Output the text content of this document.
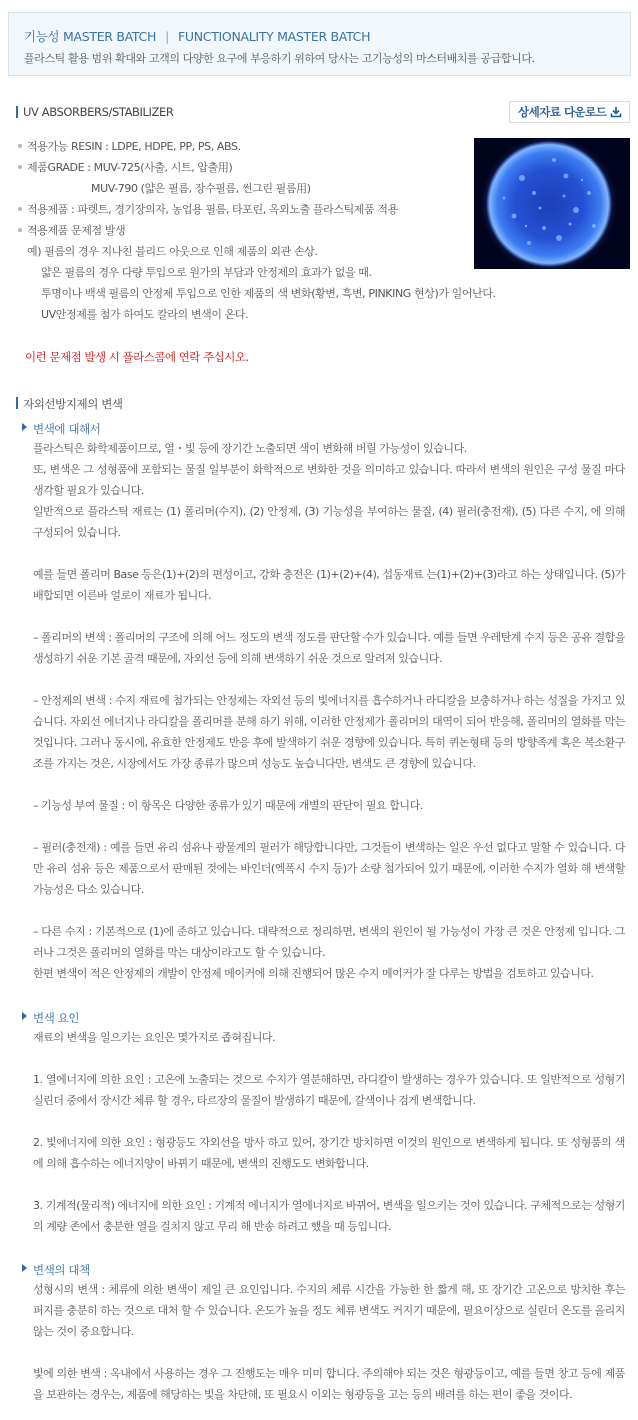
기능성 MASTER BATCH | FUNCTIONALITY MASTER BATCH
플라스틱 활용 범위 확대와 고객의 다양한 요구에 부응하기 위하여 당사는 고기능성의 마스터배치를 공급합니다.
UV ABSORBERS/STABILIZER	상세자료 다운로드
적용가능 RESIN : LDPE, HDPE, PP, PS, ABS.
제품GRADE : MUV-725(사출, 시트, 압출用)
MUV-790 (얇은 필름, 장수필름, 썬그린 필름用)
적용제품 : 파렛트, 경기장의자, 농업용 필름, 타포린, 옥외노출 플라스틱제품 적용
적용제품 문제점 발생
예) 필름의 경우 지나친 블리드 아웃으로 인해 제품의 외관 손상.
얇은 필름의 경우 다량 투입으로 원가의 부담과 안정제의 효과가 없을 때.
투명이나 백색 필름의 안정제 투입으로 인한 제품의 색 변화(황변, 흑변, PINKING 현상)가 일어난다.
UV안정제를 첨가 하여도 칼라의 변색이 온다.
이런 문제점 발생 시 플라스콤에 연락 주십시오.
자외선방지제의 변색
변색에 대해서
플라스틱은 화학제품이므로, 열・빛 등에 장기간 노출되면 색이 변화해 버릴 가능성이 있습니다.
또, 변색은 그 성형품에 포함되는 물질 일부분이 화학적으로 변화한 것을 의미하고 있습니다. 따라서 변색의 원인은 구성 물질 마다 생각할 필요가 있습니다.
일반적으로 플라스틱 재료는 (1) 폴리머(수지), (2) 안정제, (3) 기능성을 부여하는 물질, (4) 필러(충전재), (5) 다른 수지, 에 의해 구성되어 있습니다.
예를 들면 폴리머 Base 등은(1)+(2)의 편성이고, 강화 충전은 (1)+(2)+(4), 섭동재료 는(1)+(2)+(3)라고 하는 상태입니다. (5)가 배합되면 이른바 얼로이 재료가 됩니다.
– 폴리머의 변색 : 폴리머의 구조에 의해 어느 정도의 변색 정도를 판단할 수가 있습니다. 예를 들면 우레탄계 수지 등은 공유 결합을 생성하기 쉬운 기본 골격 때문에, 자외선 등에 의해 변색하기 쉬운 것으로 알려져 있습니다.
– 안정제의 변색 : 수지 재료에 첨가되는 안정제는 자외선 등의 빛에너지를 흡수하거나 라디칼을 보충하거나 하는 성질을 가지고 있습니다. 자외선 에너지나 라디칼을 폴리머를 분해 하기 위해, 이러한 안정제가 폴리머의 대역이 되어 반응해, 폴리머의 열화를 막는 것입니다. 그러나 동시에, 유효한 안정제도 반응 후에 발색하기 쉬운 경향에 있습니다. 특히 퀴논형태 등의 방향족계 혹은 복소환구조를 가지는 것은, 시장에서도 가장 종류가 많으며 성능도 높습니다만, 변색도 큰 경향에 있습니다.
– 기능성 부여 물질 : 이 항목은 다양한 종류가 있기 때문에 개별의 판단이 필요 합니다.
– 필러(충전재) : 예를 들면 유리 섬유나 광물계의 필러가 해당합니다만, 그것들이 변색하는 일은 우선 없다고 말할 수 있습니다. 다만 유리 섬유 등은 제품으로서 판매된 것에는 바인더(엑폭시 수지 등)가 소량 첨가되어 있기 때문에, 이러한 수지가 열화 해 변색할 가능성은 다소 있습니다.
– 다른 수지 : 기본적으로 (1)에 준하고 있습니다. 대략적으로 정리하면, 변색의 원인이 될 가능성이 가장 큰 것은 안정제 입니다. 그러나 그것은 폴리머의 열화를 막는 대상이라고도 할 수 있습니다.
한편 변색이 적은 안정제의 개발이 안정제 메이커에 의해 진행되어 많은 수지 메이커가 잘 다루는 방법을 검토하고 있습니다.
변색 요인
재료의 변색을 일으키는 요인은 몇가지로 좁혀집니다.
1. 열에너지에 의한 요인 : 고온에 노출되는 것으로 수지가 열분해하면, 라디칼이 발생하는 경우가 있습니다. 또 일반적으로 성형기 실린더 중에서 장시간 체류 할 경우, 타르장의 물질이 발생하기 때문에, 갈색이나 검게 변색합니다.
2. 빛에너지에 의한 요인 : 형광등도 자외선을 방사 하고 있어, 장기간 방치하면 이것의 원인으로 변색하게 됩니다. 또 성형품의 색에 의해 흡수하는 에너지양이 바뀌기 때문에, 변색의 진행도도 변화합니다.
3. 기계적(물리적) 에너지에 의한 요인 : 기계적 에너지가 열에너지로 바뀌어, 변색을 일으키는 것이 있습니다. 구체적으로는 성형기의 계량 존에서 충분한 열을 걸치지 않고 무리 해 반송 하려고 했을 때 등입니다.
변색의 대책
성형시의 변색 : 체류에 의한 변색이 제일 큰 요인입니다. 수지의 체류 시간을 가능한 한 짧게 해, 또 장기간 고온으로 방치한 후는 퍼지를 충분히 하는 것으로 대처 할 수 있습니다. 온도가 높을 정도 체류 변색도 커지기 때문에, 필요이상으로 실린더 온도를 올리지 않는 것이 중요합니다.
빛에 의한 변색 : 옥내에서 사용하는 경우 그 진행도는 매우 미미 합니다. 주의해야 되는 것은 형광등이고, 예를 들면 창고 등에 제품을 보관하는 경우는, 제품에 해당하는 빛을 차단해, 또 필요시 이외는 형광등을 고는 등의 배려를 하는 편이 좋을 것이다.
